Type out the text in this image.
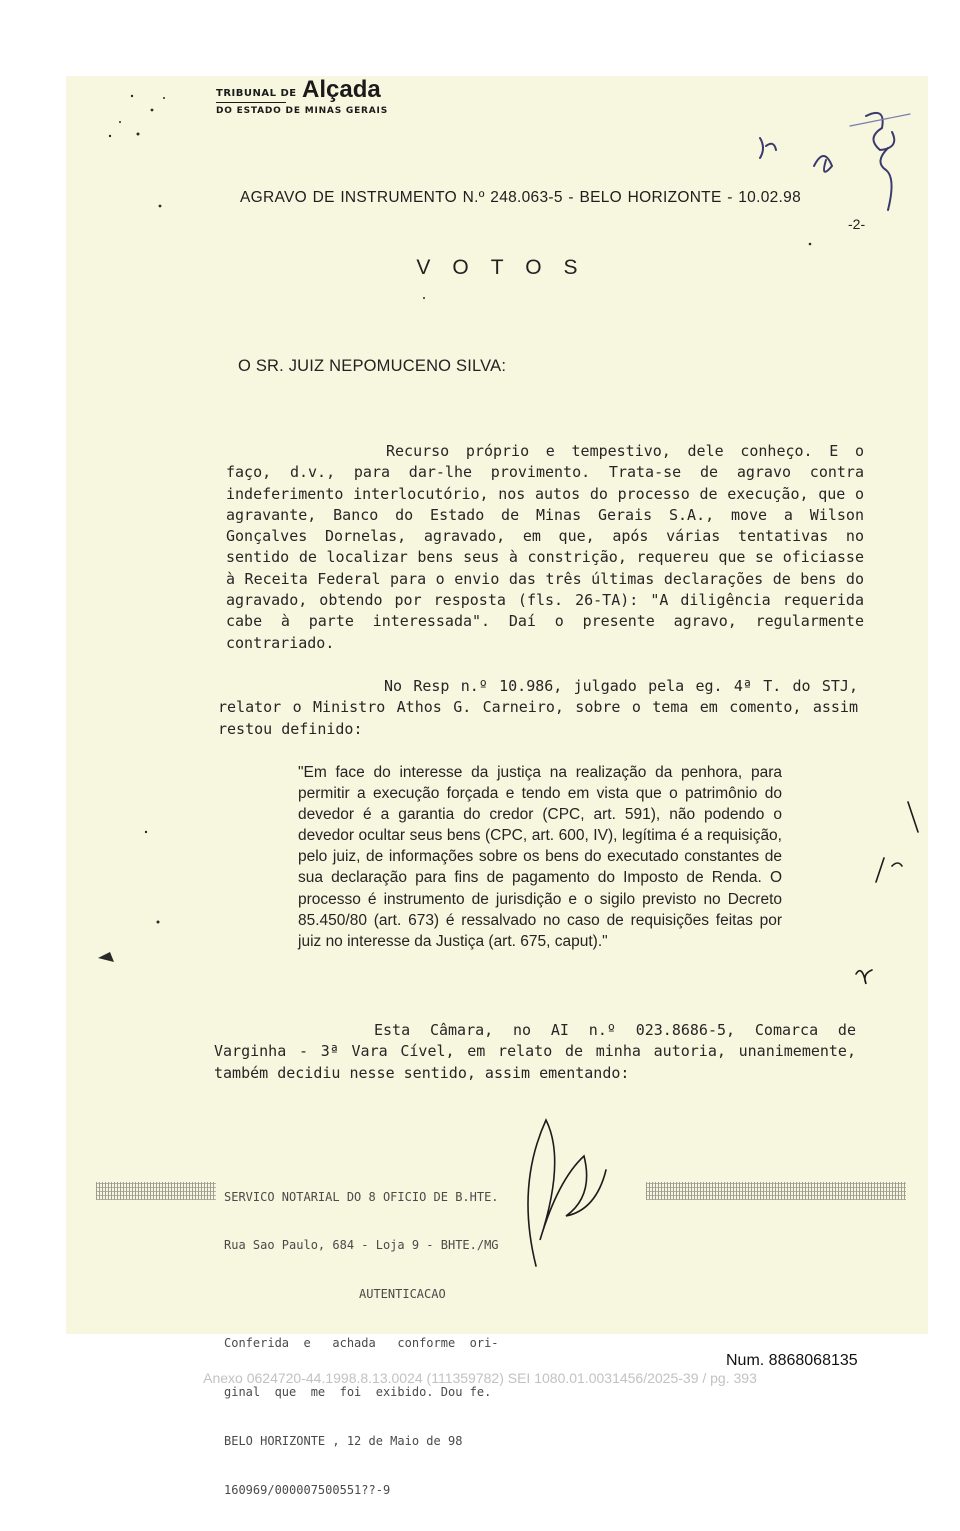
TRIBUNAL DE Alçada
DO ESTADO DE MINAS GERAIS
AGRAVO DE INSTRUMENTO N.º 248.063-5 - BELO HORIZONTE - 10.02.98
-2-
VOTOS
O SR. JUIZ NEPOMUCENO SILVA:
Recurso próprio e tempestivo, dele conheço. E o faço, d.v., para dar-lhe provimento. Trata-se de agravo contra indeferimento interlocutório, nos autos do processo de execução, que o agravante, Banco do Estado de Minas Gerais S.A., move a Wilson Gonçalves Dornelas, agravado, em que, após várias tentativas no sentido de localizar bens seus à constrição, requereu que se oficiasse à Receita Federal para o envio das três últimas declarações de bens do agravado, obtendo por resposta (fls. 26-TA): "A diligência requerida cabe à parte interessada". Daí o presente agravo, regularmente contrariado.
No Resp n.º 10.986, julgado pela eg. 4ª T. do STJ, relator o Ministro Athos G. Carneiro, sobre o tema em comento, assim restou definido:
"Em face do interesse da justiça na realização da penhora, para permitir a execução forçada e tendo em vista que o patrimônio do devedor é a garantia do credor (CPC, art. 591), não podendo o devedor ocultar seus bens (CPC, art. 600, IV), legítima é a requisição, pelo juiz, de informações sobre os bens do executado constantes de sua declaração para fins de pagamento do Imposto de Renda. O processo é instrumento de jurisdição e o sigilo previsto no Decreto 85.450/80 (art. 673) é ressalvado no caso de requisições feitas por juiz no interesse da Justiça (art. 675, caput)."
Esta Câmara, no AI n.º 023.8686-5, Comarca de Varginha - 3ª Vara Cível, em relato de minha autoria, unanimemente, também decidiu nesse sentido, assim ementando:

SERVICO NOTARIAL DO 8 OFICIO DE B.HTE.

Rua Sao Paulo, 684 - Loja 9 - BHTE./MG

AUTENTICACAO

Conferida  e   achada   conforme  ori-

ginal  que  me  foi  exibido. Dou fe.

BELO HORIZONTE , 12 de Maio de 98

160969/000007500551??-9

Num. 8868068135
Anexo 0624720-44.1998.8.13.0024 (111359782) SEI 1080.01.0031456/2025-39 / pg. 393
